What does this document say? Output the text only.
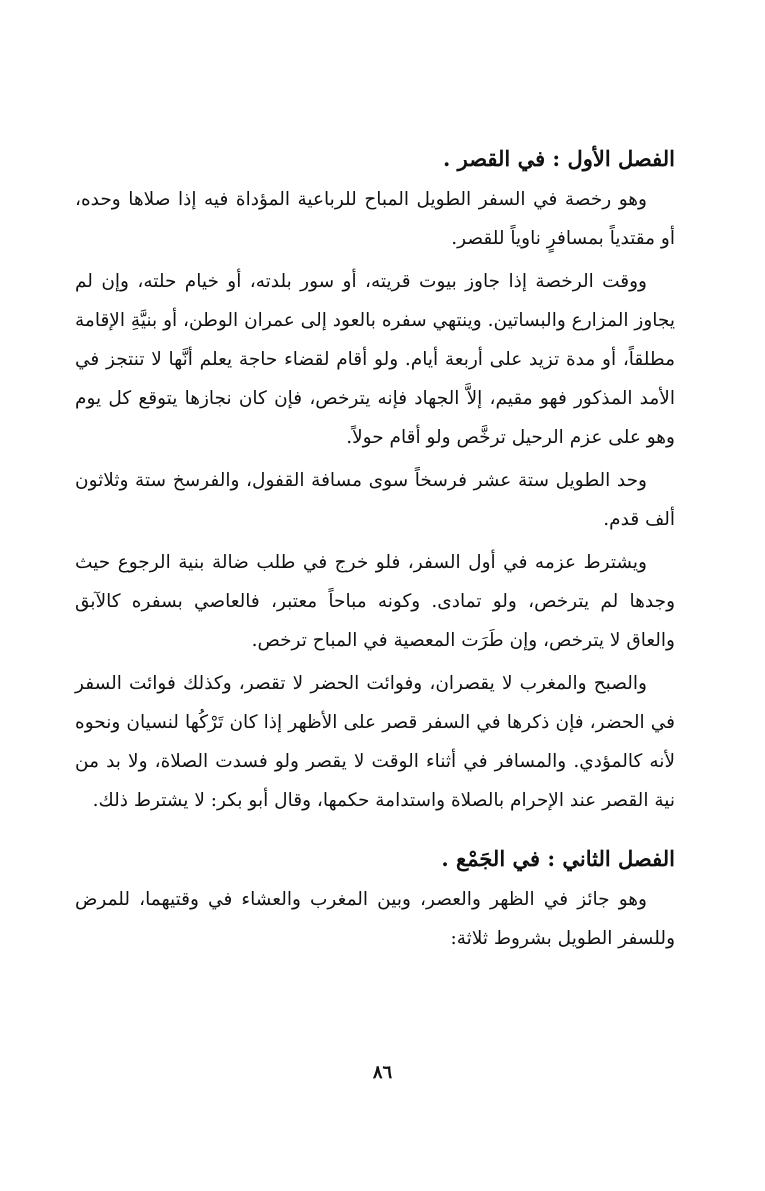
الفصل الأول : في القصر .

وهو رخصة في السفر الطويل المباح للرباعية المؤداة فيه إذا صلاها وحده، أو مقتدياً بمسافرٍ ناوياً للقصر.

ووقت الرخصة إذا جاوز بيوت قريته، أو سور بلدته، أو خيام حلته، وإن لم يجاوز المزارع والبساتين. وينتهي سفره بالعود إلى عمران الوطن، أو بنيَّةِ الإقامة مطلقاً، أو مدة تزيد على أربعة أيام. ولو أقام لقضاء حاجة يعلم أنَّها لا تنتجز في الأمد المذكور فهو مقيم، إلاَّ الجهاد فإنه يترخص، فإن كان نجازها يتوقع كل يوم وهو على عزم الرحيل ترخَّص ولو أقام حولاً.

وحد الطويل ستة عشر فرسخاً سوى مسافة القفول، والفرسخ ستة وثلاثون ألف قدم.

ويشترط عزمه في أول السفر، فلو خرج في طلب ضالة بنية الرجوع حيث وجدها لم يترخص، ولو تمادى. وكونه مباحاً معتبر، فالعاصي بسفره كالآبق والعاق لا يترخص، وإن طَرَت المعصية في المباح ترخص.

والصبح والمغرب لا يقصران، وفوائت الحضر لا تقصر، وكذلك فوائت السفر في الحضر، فإن ذكرها في السفر قصر على الأظهر إذا كان تَرْكُها لنسيان ونحوه لأنه كالمؤدي. والمسافر في أثناء الوقت لا يقصر ولو فسدت الصلاة، ولا بد من نية القصر عند الإحرام بالصلاة واستدامة حكمها، وقال أبو بكر: لا يشترط ذلك.

الفصل الثاني : في الجَمْع .

وهو جائز في الظهر والعصر، وبين المغرب والعشاء في وقتيهما، للمرض وللسفر الطويل بشروط ثلاثة:

٨٦
